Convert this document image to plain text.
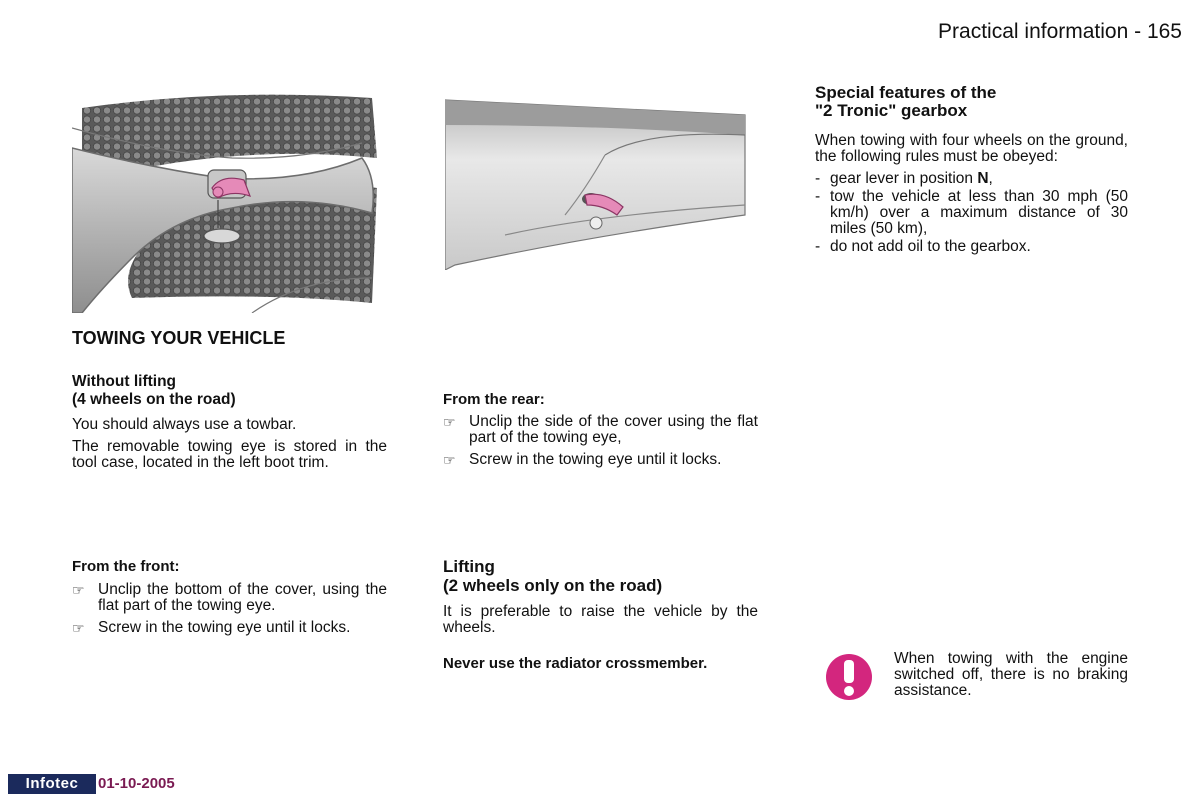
Practical information - 165
TOWING YOUR VEHICLE
Without lifting
(4 wheels on the road)

You should always use a towbar.

The removable towing eye is stored in the tool case, located in the left boot trim.

From the front:
☞ Unclip the bottom of the cover, using the flat part of the towing eye.
☞ Screw in the towing eye until it locks.
From the rear:
☞ Unclip the side of the cover using the flat part of the towing eye,
☞ Screw in the towing eye until it locks.
Lifting
(2 wheels only on the road)

It is preferable to raise the vehicle by the wheels.

Never use the radiator crossmember.
Special features of the
"2 Tronic" gearbox

When towing with four wheels on the ground, the following rules must be obeyed:

- gear lever in position N,
- tow the vehicle at less than 30 mph (50 km/h) over a maximum distance of 30 miles (50 km),
- do not add oil to the gearbox.

When towing with the engine switched off, there is no braking assistance.

Infotec	01-10-2005
